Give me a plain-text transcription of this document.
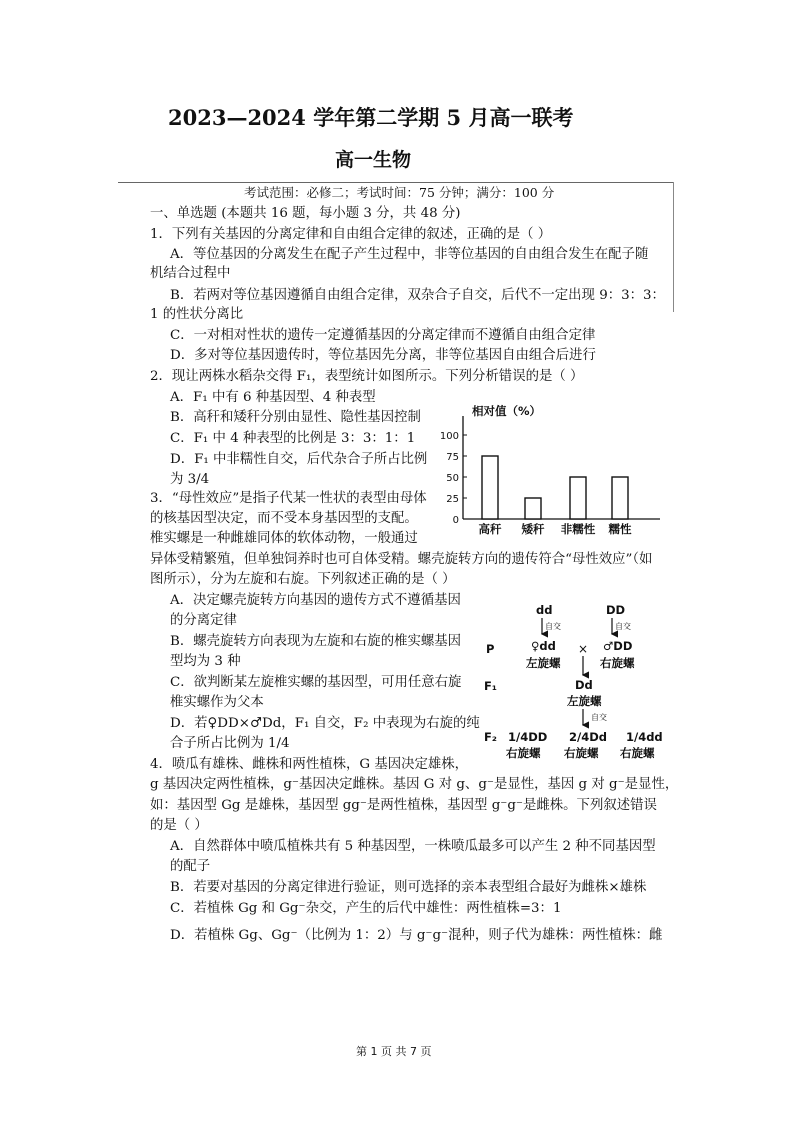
2023—2024 学年第二学期 5 月高一联考
高一生物
考试范围：必修二；考试时间：75 分钟；满分：100 分
一、单选题 (本题共 16 题，每小题 3 分，共 48 分)
1．下列有关基因的分离定律和自由组合定律的叙述，正确的是（ ）
A．等位基因的分离发生在配子产生过程中，非等位基因的自由组合发生在配子随
机结合过程中
B．若两对等位基因遵循自由组合定律，双杂合子自交，后代不一定出现 9：3：3：
1 的性状分离比
C．一对相对性状的遗传一定遵循基因的分离定律而不遵循自由组合定律
D．多对等位基因遗传时，等位基因先分离，非等位基因自由组合后进行
2．现让两株水稻杂交得 F₁，表型统计如图所示。下列分析错误的是（ ）
A．F₁ 中有 6 种基因型、4 种表型
B．高秆和矮秆分别由显性、隐性基因控制
C．F₁ 中 4 种表型的比例是 3：3：1：1
D．F₁ 中非糯性自交，后代杂合子所占比例
为 3/4
相对值（%）
0
25
50
75
100
高秆 矮秆 非糯性 糯性
3．“母性效应”是指子代某一性状的表型由母体
的核基因型决定，而不受本身基因型的支配。
椎实螺是一种雌雄同体的软体动物，一般通过
异体受精繁殖，但单独饲养时也可自体受精。螺壳旋转方向的遗传符合“母性效应”（如
图所示），分为左旋和右旋。下列叙述正确的是（ ）
A．决定螺壳旋转方向基因的遗传方式不遵循基因
的分离定律
B．螺壳旋转方向表现为左旋和右旋的椎实螺基因
型均为 3 种
C．欲判断某左旋椎实螺的基因型，可用任意右旋
椎实螺作为父本
D．若♀DD×♂Dd，F₁ 自交，F₂ 中表现为右旋的纯
合子所占比例为 1/4
dd	DD
P	♀dd	♂DD
左旋螺	右旋螺
F₁	Dd
左旋螺
F₂ 1/4DD 2/4Dd 1/4dd
右旋螺 右旋螺 右旋螺
自交	自交
自交
×
4．喷瓜有雄株、雌株和两性植株，G 基因决定雄株，
g 基因决定两性植株，g⁻基因决定雌株。基因 G 对 g、g⁻是显性，基因 g 对 g⁻是显性，
如：基因型 Gg 是雄株，基因型 gg⁻是两性植株，基因型 g⁻g⁻是雌株。下列叙述错误
的是（ ）
A．自然群体中喷瓜植株共有 5 种基因型，一株喷瓜最多可以产生 2 种不同基因型
的配子
B．若要对基因的分离定律进行验证，则可选择的亲本表型组合最好为雌株×雄株
C．若植株 Gg 和 Gg⁻杂交，产生的后代中雄性：两性植株=3：1
D．若植株 Gg、Gg⁻（比例为 1：2）与 g⁻g⁻混种，则子代为雄株：两性植株：雌
第 1 页 共 7 页
